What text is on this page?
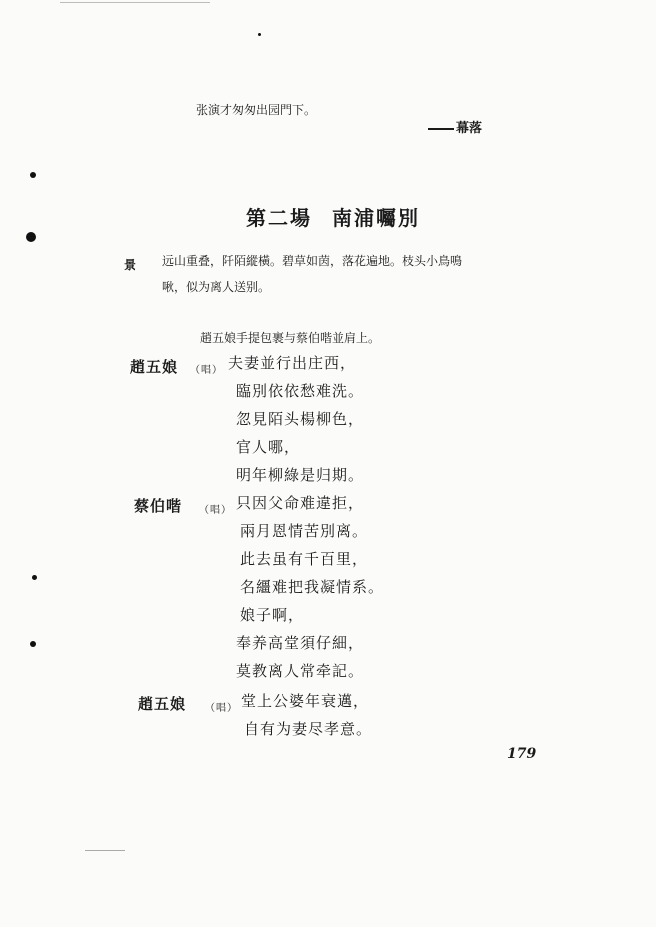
张演才匆匆出园門下。
幕落
第二場 南浦囑別
景 远山重叠，阡陌縱橫。碧草如茵，落花遍地。枝头小鳥鳴
啾，似为离人送别。
趙五娘手提包裹与蔡伯喈並肩上。
趙五娘 （唱） 夫妻並行出庄西，
臨別依依愁难洗。
忽見陌头楊柳色，
官人哪，
明年柳綠是归期。
蔡伯喈 （唱） 只因父命难違拒，
兩月恩情苦別离。
此去虽有千百里，
名繮难把我凝情系。
娘子啊，
奉养高堂須仔細，
莫教离人常牵記。
趙五娘 （唱） 堂上公婆年衰邁，
自有为妻尽孝意。
179
